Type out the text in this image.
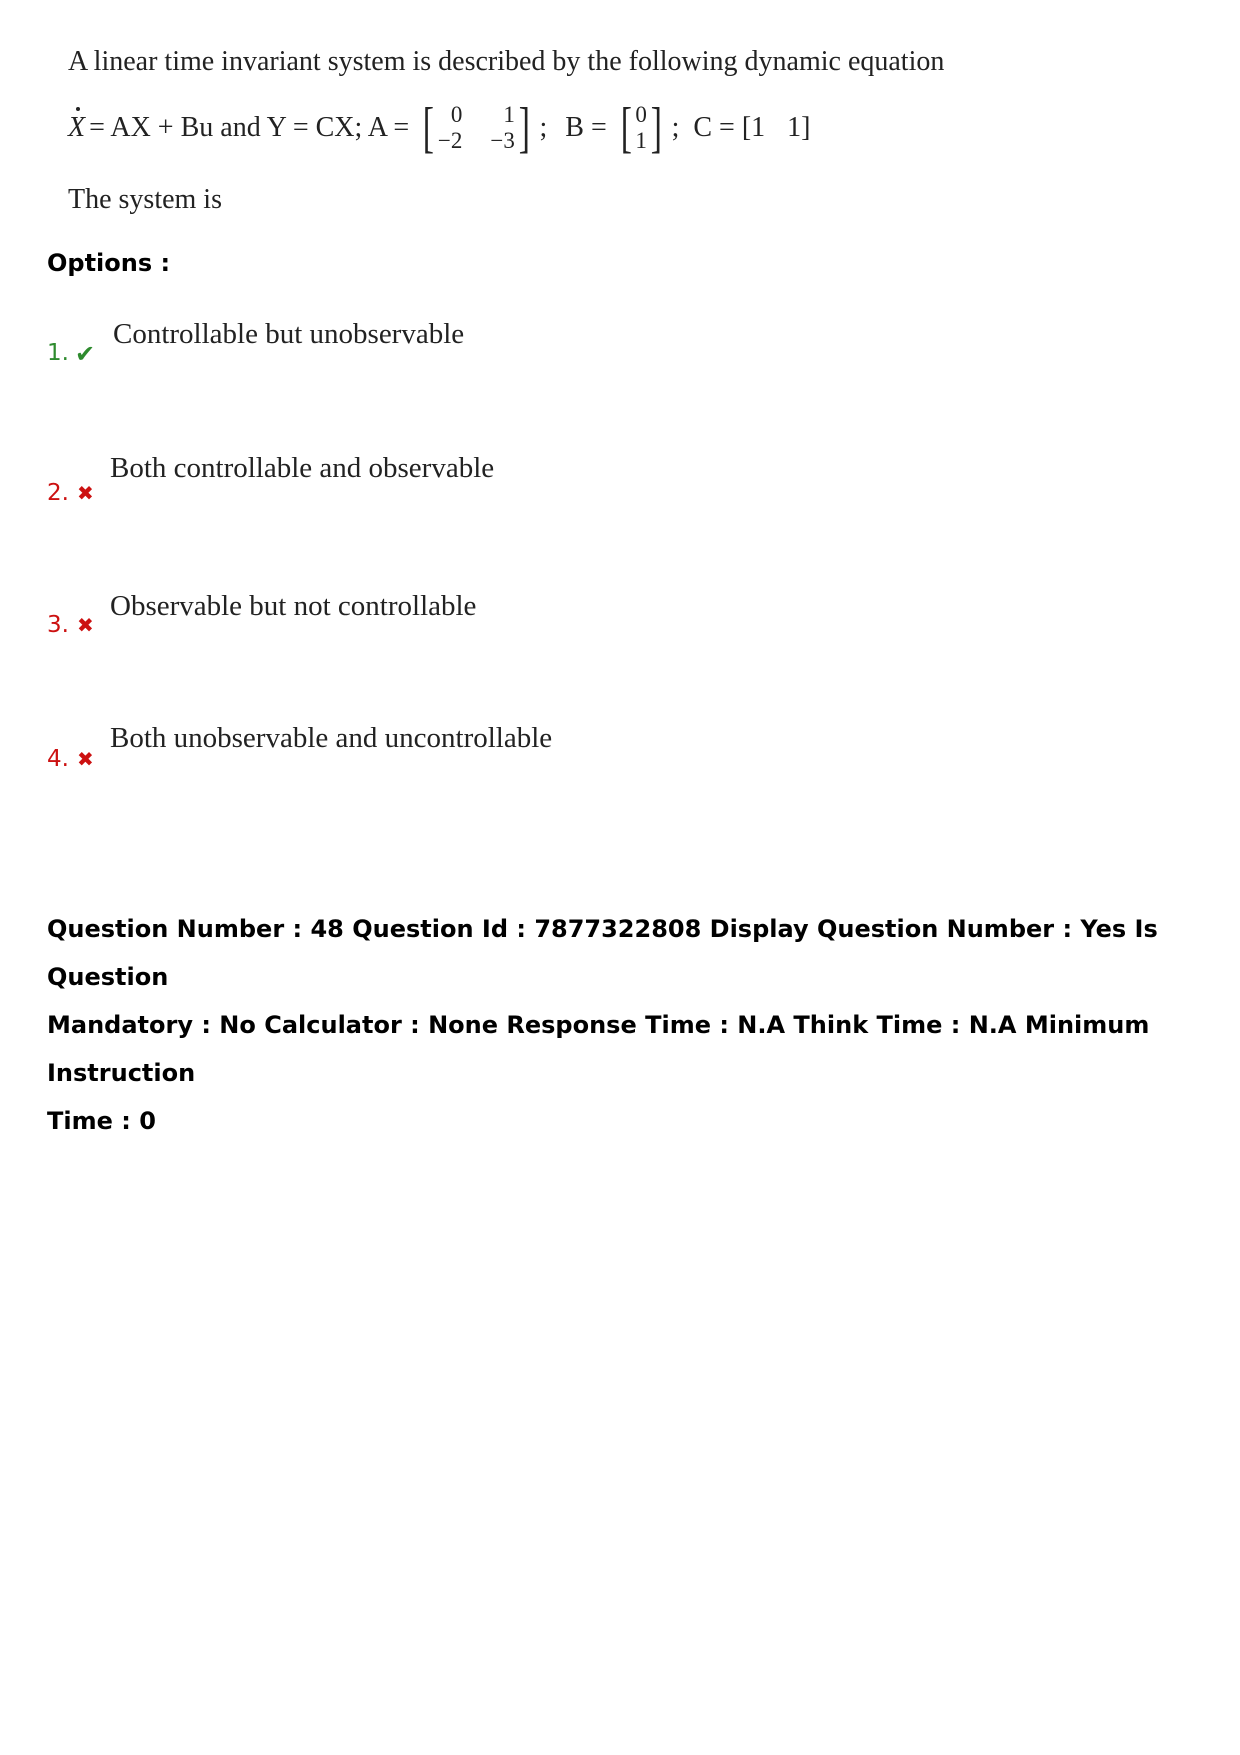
A linear time invariant system is described by the following dynamic equation
X = AX + Bu and Y = CX; A = [ 0	1
−2 −3 ] ; B = [ 0
1 ] ; C = [1 1]
The system is
Options :
1. ✔
Controllable but unobservable
2. ✖
Both controllable and observable
3. ✖
Observable but not controllable
4. ✖
Both unobservable and uncontrollable
Question Number : 48 Question Id : 7877322808 Display Question Number : Yes Is Question
Mandatory : No Calculator : None Response Time : N.A Think Time : N.A Minimum Instruction
Time : 0
